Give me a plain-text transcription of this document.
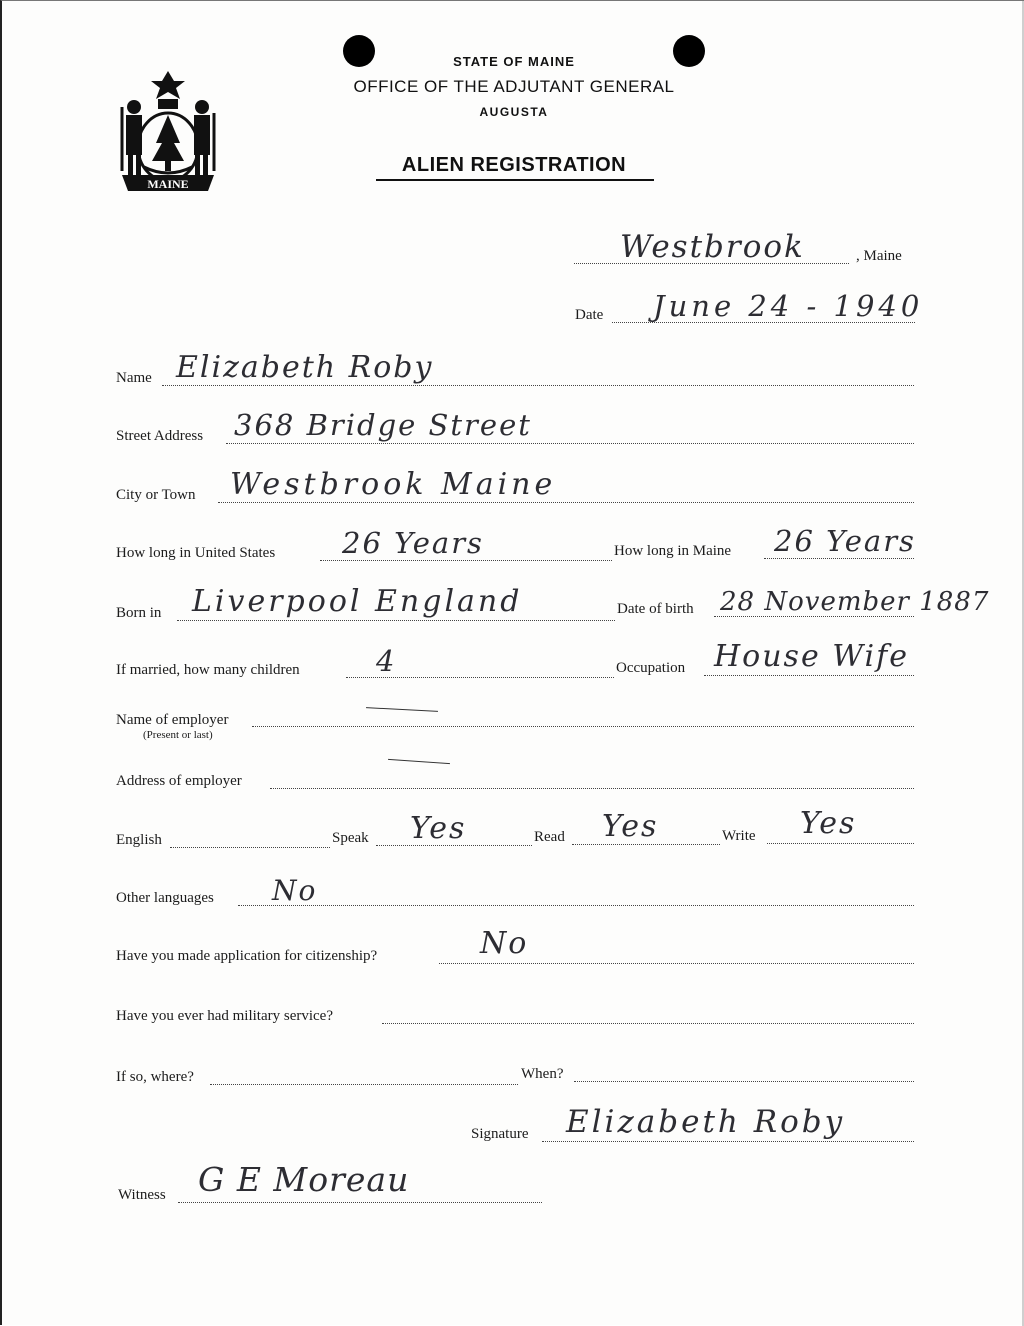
MAINE
STATE OF MAINE
OFFICE OF THE ADJUTANT GENERAL
AUGUSTA
ALIEN REGISTRATION
Westbrook	, Maine
Date June 24 - 1940
Name Elizabeth Roby
Street Address 368 Bridge Street
City or Town Westbrook Maine
How long in United States 26 Years	How long in Maine 26 Years
Born in Liverpool England	Date of birth 28 November 1887
If married, how many children	4	Occupation House Wife
Name of employer
(Present or last)
Address of employer
English	Speak Yes	Read Yes	Write Yes
Other languages No
Have you made application for citizenship?	No
Have you ever had military service?
If so, where?	When?
Signature Elizabeth Roby
Witness G E Moreau
